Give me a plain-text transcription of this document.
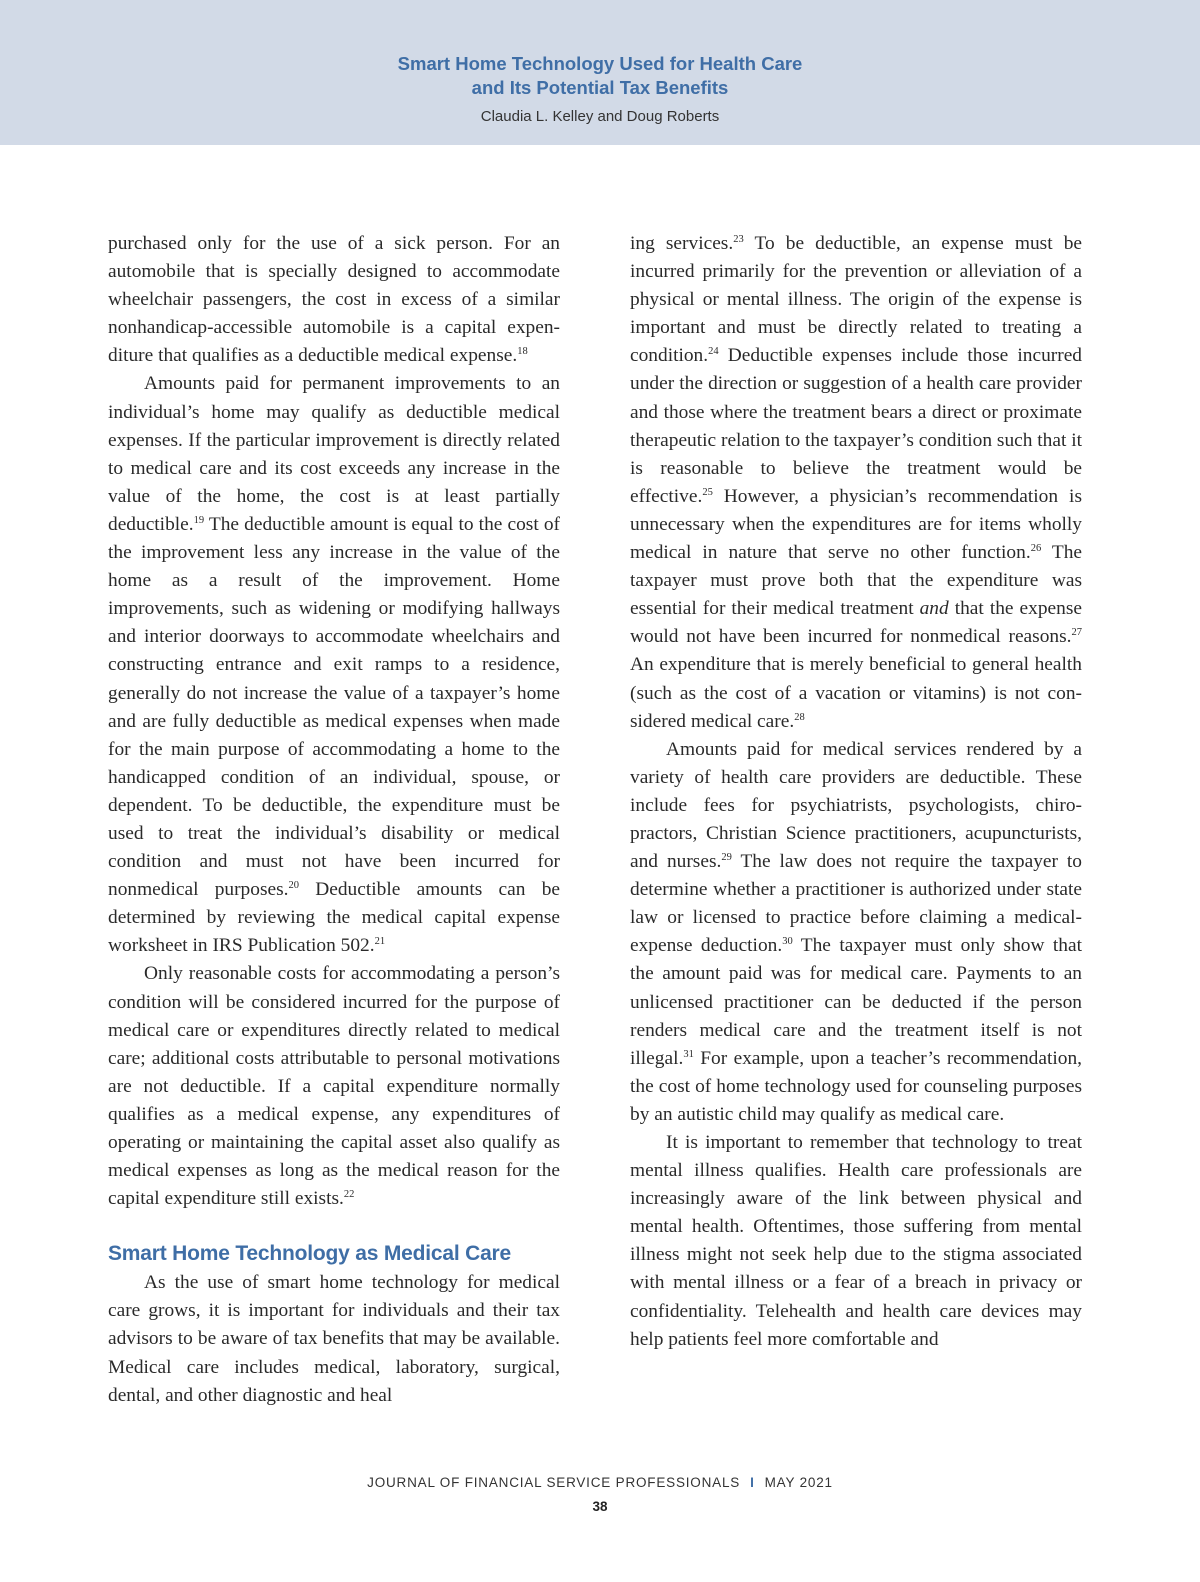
Smart Home Technology Used for Health Care
and Its Potential Tax Benefits
Claudia L. Kelley and Doug Roberts

purchased only for the use of a sick person. For an automobile that is specially designed to accommodate wheelchair passengers, the cost in excess of a similar nonhandicap-accessible automobile is a capital expenditure that qualifies as a deductible medical expense.$^{18}$

Amounts paid for permanent improvements to an individual’s home may qualify as deductible medical expenses. If the particular improvement is directly related to medical care and its cost exceeds any increase in the value of the home, the cost is at least partially deductible.$^{19}$ The deductible amount is equal to the cost of the improvement less any increase in the value of the home as a result of the improvement. Home improvements, such as widening or modifying hallways and interior doorways to accommodate wheelchairs and constructing entrance and exit ramps to a residence, generally do not increase the value of a taxpayer’s home and are fully deductible as medical expenses when made for the main purpose of accommodating a home to the handicapped condition of an individual, spouse, or dependent. To be deductible, the expenditure must be used to treat the individual’s disability or medical condition and must not have been incurred for nonmedical purposes.$^{20}$ Deductible amounts can be determined by reviewing the medical capital expense worksheet in IRS Publication 502.21

Only reasonable costs for accommodating a person’s condition will be considered incurred for the purpose of medical care or expenditures directly related to medical care; additional costs attributable to personal motivations are not deductible. If a capital expenditure normally qualifies as a medical expense, any expenditures of operating or maintaining the capital asset also qualify as medical expenses as long as the medical reason for the capital expenditure still exists.$^{22}$

Smart Home Technology as Medical Care

As the use of smart home technology for medical care grows, it is important for individuals and their tax advisors to be aware of tax benefits that may be available. Medical care includes medical, laboratory, surgical, dental, and other diagnostic and heal

ing services.$^{23}$ To be deductible, an expense must be incurred primarily for the prevention or alleviation of a physical or mental illness. The origin of the expense is important and must be directly related to treating a condition.$^{24}$ Deductible expenses include those incurred under the direction or suggestion of a health care provider and those where the treatment bears a direct or proximate therapeutic relation to the taxpayer’s condition such that it is reasonable to believe the treatment would be effective.$^{25}$ However, a physician’s recommendation is unnecessary when the expenditures are for items wholly medical in nature that serve no other function.$^{26}$ The taxpayer must prove both that the expenditure was essential for their medical treatment and that the expense would not have been incurred for nonmedical reasons.$^{27}$ An expenditure that is merely beneficial to general health (such as the cost of a vacation or vitamins) is not considered medical care.$^{28}$

Amounts paid for medical services rendered by a variety of health care providers are deductible. These include fees for psychiatrists, psychologists, chiropractors, Christian Science practitioners, acupuncturists, and nurses.$^{29}$ The law does not require the taxpayer to determine whether a practitioner is authorized under state law or licensed to practice before claiming a medical-expense deduction.$^{30}$ The taxpayer must only show that the amount paid was for medical care. Payments to an unlicensed practitioner can be deducted if the person renders medical care and the treatment itself is not illegal.$^{31}$ For example, upon a teacher’s recommendation, the cost of home technology used for counseling purposes by an autistic child may qualify as medical care.

It is important to remember that technology to treat mental illness qualifies. Health care professionals are increasingly aware of the link between physical and mental health. Oftentimes, those suffering from mental illness might not seek help due to the stigma associated with mental illness or a fear of a breach in privacy or confidentiality. Telehealth and health care devices may help patients feel more comfortable and

JOURNAL OF FINANCIAL SERVICE PROFESSIONALS I MAY 2021
38
